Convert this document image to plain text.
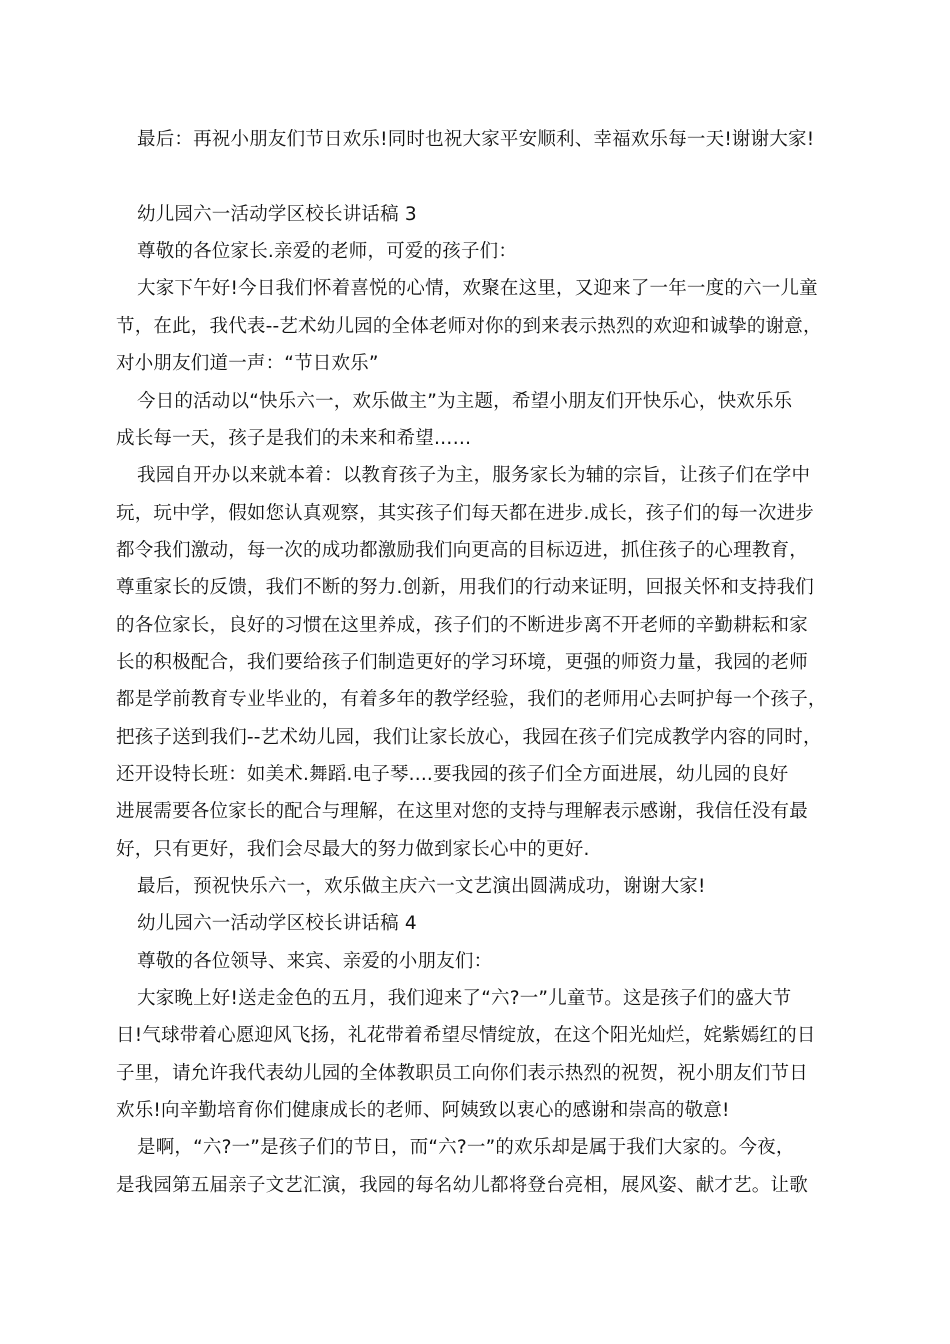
最后：再祝小朋友们节日欢乐!同时也祝大家平安顺利、幸福欢乐每一天!谢谢大家!
幼儿园六一活动学区校长讲话稿 3
尊敬的各位家长.亲爱的老师，可爱的孩子们：
大家下午好!今日我们怀着喜悦的心情，欢聚在这里，又迎来了一年一度的六一儿童
节，在此，我代表--艺术幼儿园的全体老师对你的到来表示热烈的欢迎和诚挚的谢意，
对小朋友们道一声：“节日欢乐”
今日的活动以“快乐六一，欢乐做主”为主题，希望小朋友们开快乐心，快欢乐乐
成长每一天，孩子是我们的未来和希望……
我园自开办以来就本着：以教育孩子为主，服务家长为辅的宗旨，让孩子们在学中
玩，玩中学，假如您认真观察，其实孩子们每天都在进步.成长，孩子们的每一次进步
都令我们激动，每一次的成功都激励我们向更高的目标迈进，抓住孩子的心理教育，
尊重家长的反馈，我们不断的努力.创新，用我们的行动来证明，回报关怀和支持我们
的各位家长，良好的习惯在这里养成，孩子们的不断进步离不开老师的辛勤耕耘和家
长的积极配合，我们要给孩子们制造更好的学习环境，更强的师资力量，我园的老师
都是学前教育专业毕业的，有着多年的教学经验，我们的老师用心去呵护每一个孩子，
把孩子送到我们--艺术幼儿园，我们让家长放心，我园在孩子们完成教学内容的同时，
还开设特长班：如美术.舞蹈.电子琴....要我园的孩子们全方面进展，幼儿园的良好
进展需要各位家长的配合与理解，在这里对您的支持与理解表示感谢，我信任没有最
好，只有更好，我们会尽最大的努力做到家长心中的更好.
最后，预祝快乐六一，欢乐做主庆六一文艺演出圆满成功，谢谢大家!
幼儿园六一活动学区校长讲话稿 4
尊敬的各位领导、来宾、亲爱的小朋友们：
大家晚上好!送走金色的五月，我们迎来了“六?一”儿童节。这是孩子们的盛大节
日!气球带着心愿迎风飞扬，礼花带着希望尽情绽放，在这个阳光灿烂，姹紫嫣红的日
子里，请允许我代表幼儿园的全体教职员工向你们表示热烈的祝贺，祝小朋友们节日
欢乐!向辛勤培育你们健康成长的老师、阿姨致以衷心的感谢和崇高的敬意!
是啊，“六?一”是孩子们的节日，而“六?一”的欢乐却是属于我们大家的。今夜，
是我园第五届亲子文艺汇演，我园的每名幼儿都将登台亮相，展风姿、献才艺。让歌
